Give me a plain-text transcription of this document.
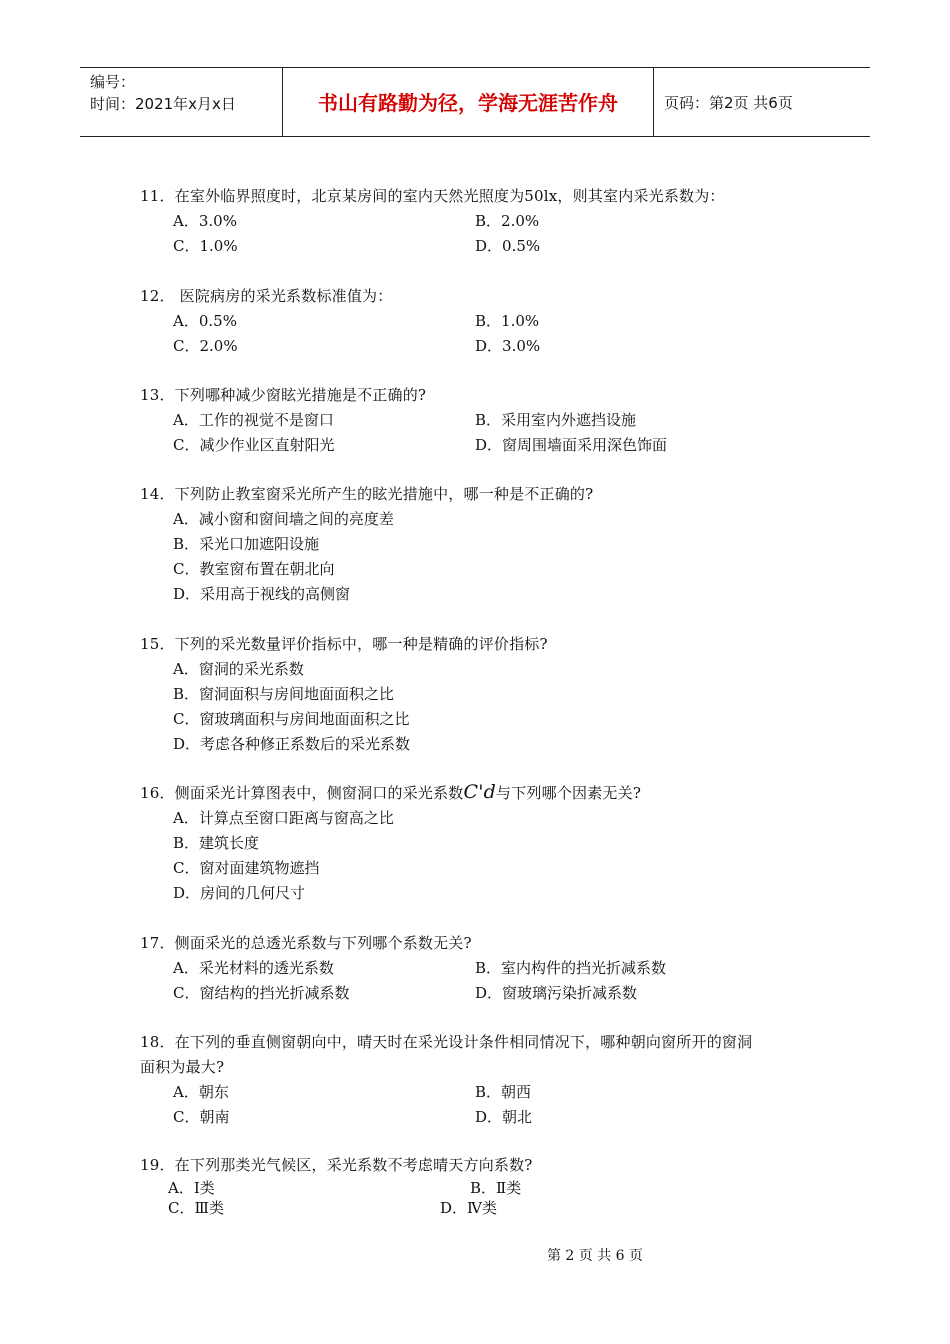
编号：
时间：2021年x月x日	书山有路勤为径，学海无涯苦作舟	页码：第2页 共6页
11．在室外临界照度时，北京某房间的室内天然光照度为50lx，则其室内采光系数为：
A．3.0%	B．2.0%
C．1.0%	D．0.5%
12． 医院病房的采光系数标准值为：
A．0.5%	B．1.0%
C．2.0%	D．3.0%
13．下列哪种减少窗眩光措施是不正确的?
A．工作的视觉不是窗口	B．采用室内外遮挡设施
C．减少作业区直射阳光	D．窗周围墙面采用深色饰面
14．下列防止教室窗采光所产生的眩光措施中，哪一种是不正确的?
A．减小窗和窗间墙之间的亮度差
B．采光口加遮阳设施
C．教室窗布置在朝北向
D．采用高于视线的高侧窗
15．下列的采光数量评价指标中，哪一种是精确的评价指标?
A．窗洞的采光系数
B．窗洞面积与房间地面面积之比
C．窗玻璃面积与房间地面面积之比
D．考虑各种修正系数后的采光系数
16．侧面采光计算图表中，侧窗洞口的采光系数C'd与下列哪个因素无关?
A．计算点至窗口距离与窗高之比
B．建筑长度
C．窗对面建筑物遮挡
D．房间的几何尺寸
17．侧面采光的总透光系数与下列哪个系数无关?
A．采光材料的透光系数	B．室内构件的挡光折减系数
C．窗结构的挡光折减系数	D．窗玻璃污染折减系数
18．在下列的垂直侧窗朝向中，晴天时在采光设计条件相同情况下，哪种朝向窗所开的窗洞
面积为最大?
A．朝东	B．朝西
C．朝南	D．朝北
19．在下列那类光气候区，采光系数不考虑晴天方向系数?
A．Ⅰ类	B．Ⅱ类
C．Ⅲ类	D．Ⅳ类
第 2 页 共 6 页
